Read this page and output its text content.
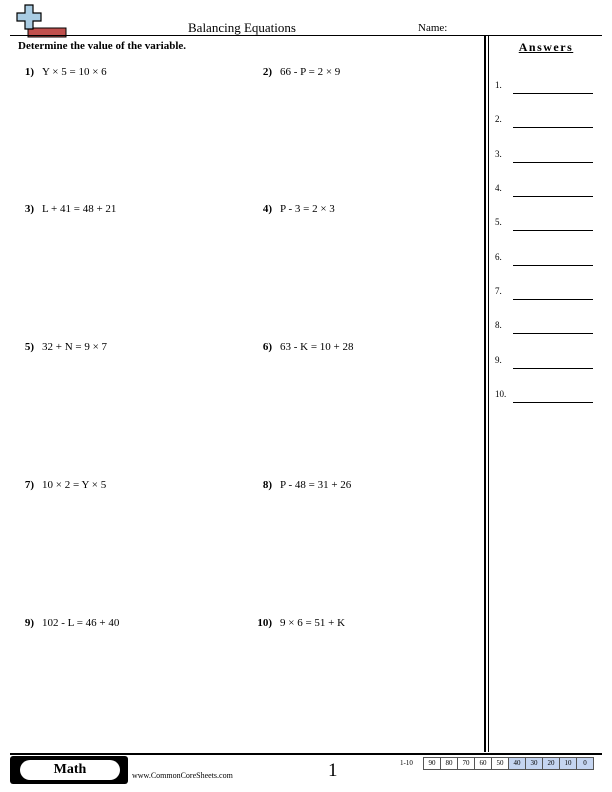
Balancing Equations	Name:
Determine the value of the variable.
1) Y × 5 = 10 × 6	2) 66 - P = 2 × 9
3) L + 41 = 48 + 21	4) P - 3 = 2 × 3
5) 32 + N = 9 × 7	6) 63 - K = 10 + 28
7) 10 × 2 = Y × 5	8) P - 48 = 31 + 26
9) 102 - L = 46 + 40	10) 9 × 6 = 51 + K
Answers
1.
2.
3.
4.
5.
6.
7.
8.
9.
10.
Math	www.CommonCoreSheets.com	1	1-10	90	80	70	60	50	40	30	20	10	0
